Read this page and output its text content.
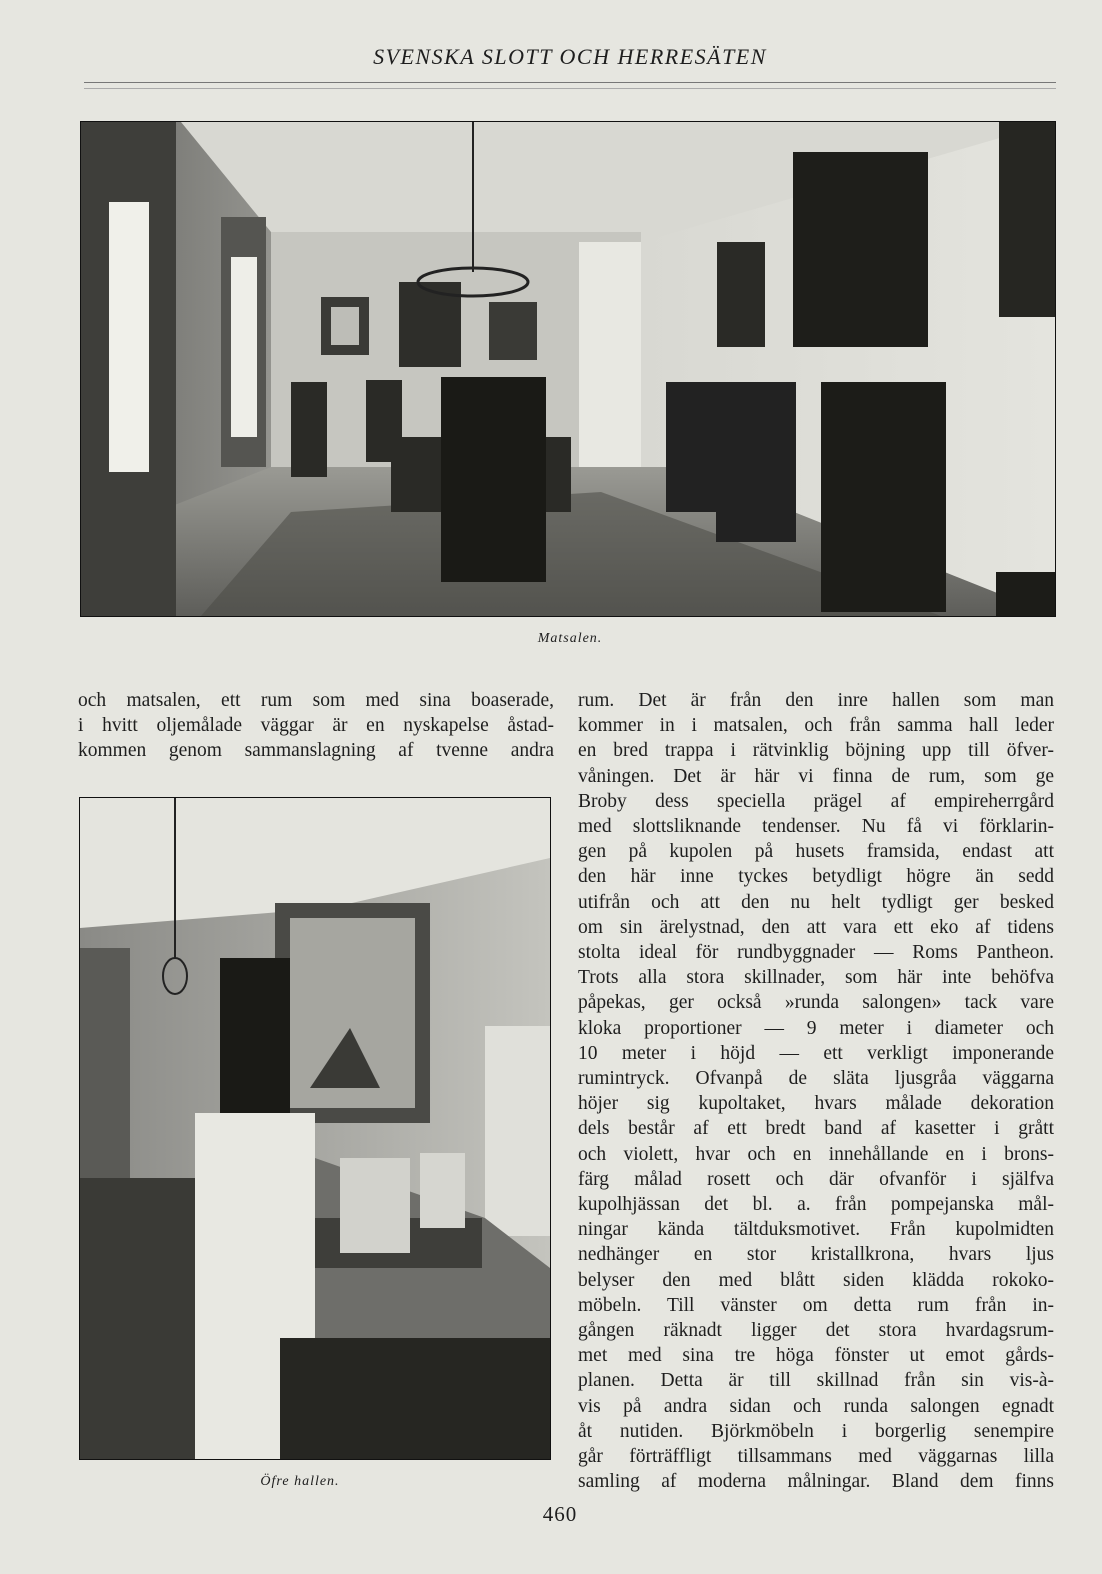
SVENSKA SLOTT OCH HERRESÄTEN
Matsalen.
och matsalen, ett rum som med sina boaserade,
i hvitt oljemålade väggar är en nyskapelse åstad-
kommen genom sammanslagning af tvenne andra
Öfre hallen.
rum. Det är från den inre hallen som man
kommer in i matsalen, och från samma hall leder
en bred trappa i rätvinklig böjning upp till öfver-
våningen. Det är här vi finna de rum, som ge
Broby dess speciella prägel af empireherrgård
med slottsliknande tendenser. Nu få vi förklarin-
gen på kupolen på husets framsida, endast att
den här inne tyckes betydligt högre än sedd
utifrån och att den nu helt tydligt ger besked
om sin ärelystnad, den att vara ett eko af tidens
stolta ideal för rundbyggnader — Roms Pantheon.
Trots alla stora skillnader, som här inte behöfva
påpekas, ger också »runda salongen» tack vare
kloka proportioner — 9 meter i diameter och
10 meter i höjd — ett verkligt imponerande
rumintryck. Ofvanpå de släta ljusgråa väggarna
höjer sig kupoltaket, hvars målade dekoration
dels består af ett bredt band af kasetter i grått
och violett, hvar och en innehållande en i brons-
färg målad rosett och där ofvanför i själfva
kupolhjässan det bl. a. från pompejanska mål-
ningar kända tältduksmotivet. Från kupolmidten
nedhänger en stor kristallkrona, hvars ljus
belyser den med blått siden klädda rokoko-
möbeln. Till vänster om detta rum från in-
gången räknadt ligger det stora hvardagsrum-
met med sina tre höga fönster ut emot gårds-
planen. Detta är till skillnad från sin vis-à-
vis på andra sidan och runda salongen egnadt
åt nutiden. Björkmöbeln i borgerlig senempire
går förträffligt tillsammans med väggarnas lilla
samling af moderna målningar. Bland dem finns
460
